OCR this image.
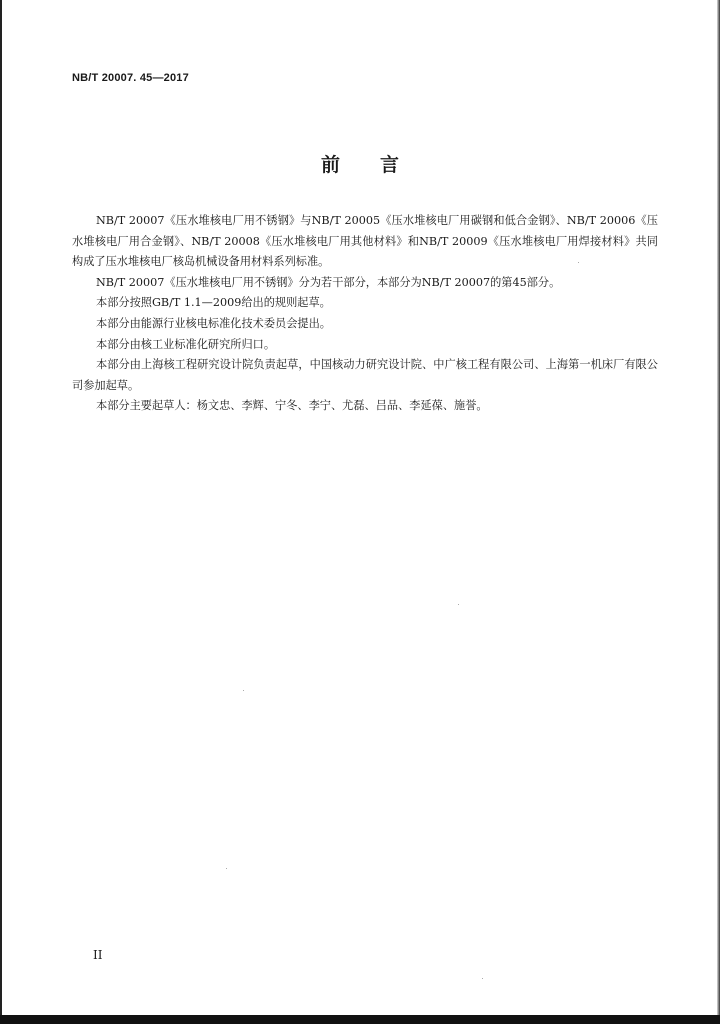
NB/T 20007. 45—2017
前言

NB/T 20007《压水堆核电厂用不锈钢》与NB/T 20005《压水堆核电厂用碳钢和低合金钢》、NB/T 20006《压水堆核电厂用合金钢》、NB/T 20008《压水堆核电厂用其他材料》和NB/T 20009《压水堆核电厂用焊接材料》共同构成了压水堆核电厂核岛机械设备用材料系列标准。

NB/T 20007《压水堆核电厂用不锈钢》分为若干部分，本部分为NB/T 20007的第45部分。

本部分按照GB/T 1.1—2009给出的规则起草。

本部分由能源行业核电标准化技术委员会提出。

本部分由核工业标准化研究所归口。

本部分由上海核工程研究设计院负责起草，中国核动力研究设计院、中广核工程有限公司、上海第一机床厂有限公司参加起草。

本部分主要起草人：杨文忠、李辉、宁冬、李宁、尤磊、吕品、李延葆、施誉。

II
